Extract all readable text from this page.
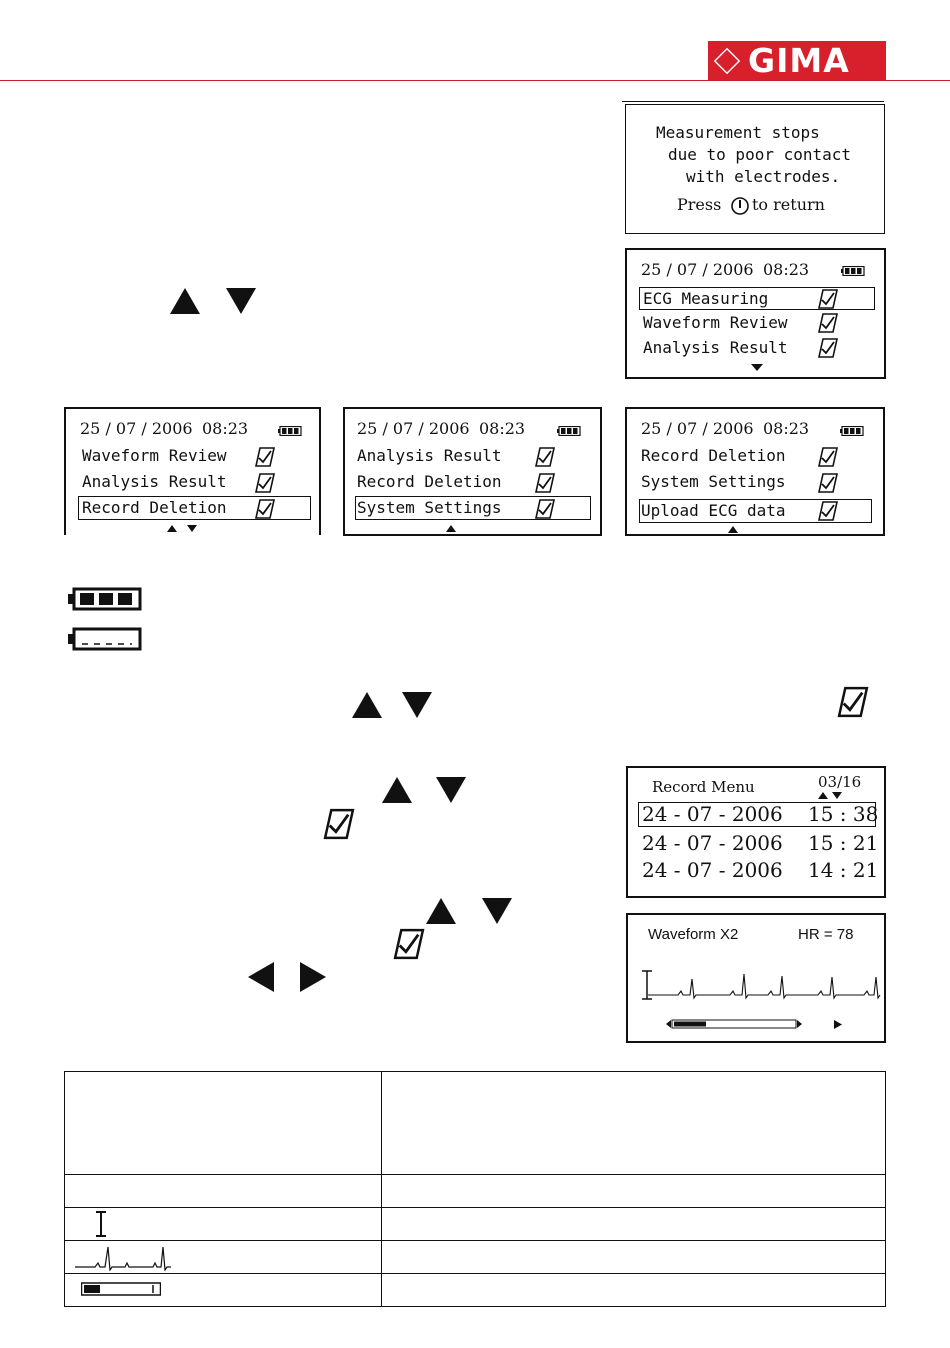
GIMA
Measurement stops
due to poor contact
with electrodes.
Press to return
25 / 07 / 2006 08:23
ECG Measuring
Waveform Review
Analysis Result
25 / 07 / 2006 08:23
Waveform Review
Analysis Result
Record Deletion
25 / 07 / 2006 08:23
Analysis Result
Record Deletion
System Settings
25 / 07 / 2006 08:23
Record Deletion
System Settings
Upload ECG data
Record Menu	03/16
24 - 07 - 2006 15 : 38
24 - 07 - 2006 15 : 21
24 - 07 - 2006 14 : 21
Waveform X2	HR = 78
